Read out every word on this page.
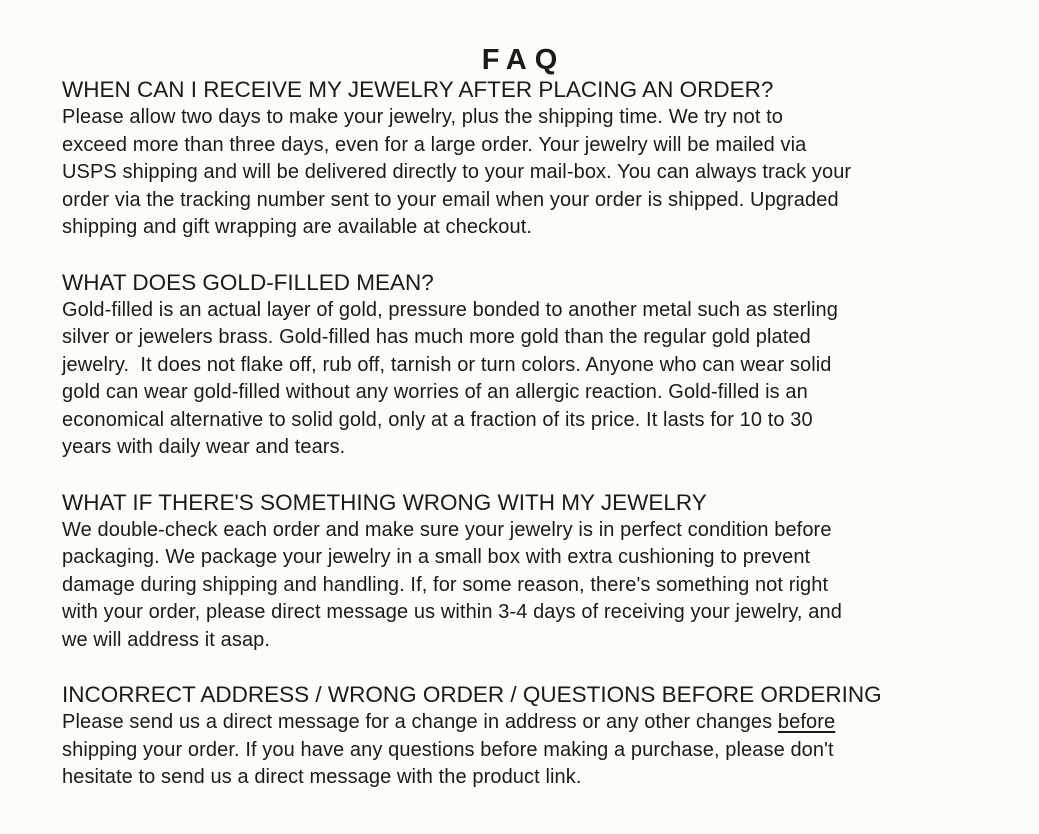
FAQ
WHEN CAN I RECEIVE MY JEWELRY AFTER PLACING AN ORDER?

Please allow two days to make your jewelry, plus the shipping time. We try not to
exceed more than three days, even for a large order. Your jewelry will be mailed via
USPS shipping and will be delivered directly to your mail-box. You can always track your
order via the tracking number sent to your email when your order is shipped. Upgraded
shipping and gift wrapping are available at checkout.

WHAT DOES GOLD-FILLED MEAN?

Gold-filled is an actual layer of gold, pressure bonded to another metal such as sterling
silver or jewelers brass. Gold-filled has much more gold than the regular gold plated
jewelry.  It does not flake off, rub off, tarnish or turn colors. Anyone who can wear solid
gold can wear gold-filled without any worries of an allergic reaction. Gold-filled is an
economical alternative to solid gold, only at a fraction of its price. It lasts for 10 to 30
years with daily wear and tears.

WHAT IF THERE'S SOMETHING WRONG WITH MY JEWELRY

We double-check each order and make sure your jewelry is in perfect condition before
packaging. We package your jewelry in a small box with extra cushioning to prevent
damage during shipping and handling. If, for some reason, there's something not right
with your order, please direct message us within 3-4 days of receiving your jewelry, and
we will address it asap.

INCORRECT ADDRESS / WRONG ORDER / QUESTIONS BEFORE ORDERING

Please send us a direct message for a change in address or any other changes before
shipping your order. If you have any questions before making a purchase, please don't
hesitate to send us a direct message with the product link.
